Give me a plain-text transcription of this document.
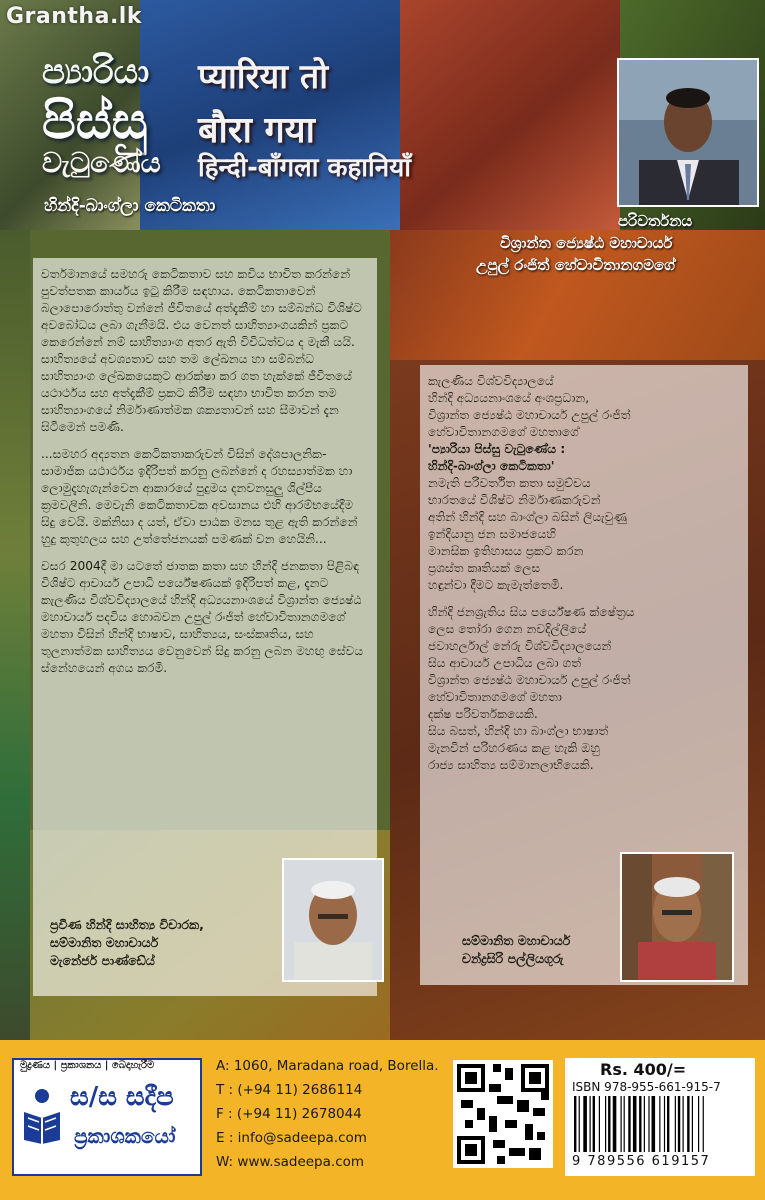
Grantha.lk
ප්‍යාරියා
පිස්සු
වැටුණේය
प्यारिया तो
बौरा गया
हिन्दी-बाँगला कहानियाँ
හින්දි-බාංග්ලා කෙටිකතා
පරිවර්තනය
විශ්‍රාන්ත ජ්‍යෙෂ්ඨ මහාචාර්ය
උපුල් රංජිත් හේවාවිතානගමගේ

වර්තමානයේ සමහරු කෙටිකතාව සහ කවිය භාවිත කරන්නේ පුවත්පතක කාර්යය ඉටු කිරීම සඳහාය. කෙටිකතාවෙන් බලාපොරොත්තු වන්නේ ජීවිතයේ අත්දැකීම් හා සම්බන්ධ විශිෂ්ට අවබෝධය ලබා ගැනීමයි. එය වෙනත් සාහිත්‍යාංගයකින් ප්‍රකට කෙරෙන්නේ නම් සාහිත්‍යාංග අතර ඇති විවිධත්වය ද මැකී යයි. සාහිත්‍යයේ අවශ්‍යතාව සහ තම ලේඛනය හා සම්බන්ධ සාහිත්‍යාංග ලේඛකයෙකුට ආරක්ෂා කර ගත හැක්කේ ජීවිතයේ යථාර්ථය සහ අත්දැකීම් ප්‍රකට කිරීම සඳහා භාවිත කරන තම සාහිත්‍යාංගයේ නිර්මාණාත්මක ශක්‍යතාවන් සහ සීමාවන් දැන සිටීමෙන් පමණි.

...සමහර අද්‍යතන කෙටිකතාකරුවන් විසින් දේශපාලනික-සාමාජික යථාර්ථය ඉදිරිපත් කරනු ලබන්නේ ද රහස්‍යාත්මක හා ලොමුදැහැගැන්වෙන ආකාරයේ පුදුමය දනවනසුලු ශිල්පීය ක්‍රමවලිනි. මෙවැනි කෙටිකතාවක අවසානය එහි ආරම්භයේදීම සිදු වෙයි. මක්නිසා ද යත්, ඒවා පාඨක මනස තුළ ඇති කරන්නේ හුදු කුතුහලය සහ උත්තේජනයක් පමණක් වන හෙයිනි...

වසර 2004දී මා යටතේ ජාතක කතා සහ හින්දි ජනකතා පිළිබඳ විශිෂ්ට ආචාර්ය උපාධි පර්යේෂණයක් ඉදිරිපත් කළ, දැනට කැලණිය විශ්වවිද්‍යාලයේ හින්දි අධ්‍යයනාංශයේ විශ්‍රාන්ත ජ්‍යෙෂ්ඨ මහාචාර්ය පදවිය හොබවන උපුල් රංජිත් හේවාවිතානගමගේ මහතා විසින් හින්දි භාෂාව, සාහිත්‍යය, සංස්කෘතිය, සහ තුලනාත්මක සාහිත්‍යය වෙනුවෙන් සිදු කරනු ලබන මහඟු සේවය ස්නේහයෙන් අගය කරමි.

ප්‍රවීණ හින්දි සාහිත්‍ය විචාරක,
සම්මානිත මහාචාර්ය
මැනේජර් පාණ්ඩේය්

කැලණිය විශ්වවිද්‍යාලයේ

හින්දි අධ්‍යයනාංශයේ අංශප්‍රධාන,

විශ්‍රාන්ත ජ්‍යෙෂ්ඨ මහාචාර්ය උපුල් රංජිත්

හේවාවිතානගමගේ මහතාගේ

'ප්‍යාරියා පිස්සු වැටුණේය :

හින්දි-බාංග්ලා කෙටිකතා'

නමැති පරිවර්තිත කතා සමුච්චය

භාරතයේ විශිෂ්ට නිර්මාණකරුවන්

අතින් හින්දි සහ බාංග්ලා බසින් ලියැවුණු

ඉන්දියානු ජන සමාජයෙහි

මානසික ඉතිහාසය ප්‍රකට කරන

ප්‍රශස්ත කෘතියක් ලෙස

හඳුන්වා දීමට කැමැත්තෙමි.

හින්දි ජනශ්‍රැතිය සිය පර්යේෂණ ක්ෂේත්‍රය

ලෙස තෝරා ගෙන නවදිල්ලියේ

ජවාහර්ලාල් නේරු විශ්වවිද්‍යාලයෙන්

සිය ආචාර්ය උපාධිය ලබා ගත්

විශ්‍රාන්ත ජ්‍යෙෂ්ඨ මහාචාර්ය උපුල් රංජිත්

හේවාවිතානගමගේ මහතා

දක්ෂ පරිවර්තකයෙකි.

සිය බසත්, හින්දි හා බාංග්ලා භාෂාත්

මැනවින් පරිහරණය කළ හැකි ඔහු

රාජ්‍ය සාහිත්‍ය සම්මානලාභියෙකි.

සම්මානිත මහාචාර්ය
චන්ද්‍රසිරි පල්ලියගුරු
මුද්‍රණය | ප්‍රකාශනය | බෙදාහැරීම
ස/ස සදීප
ප්‍රකාශකයෝ
A: 1060, Maradana road, Borella.
T : (+94 11) 2686114
F : (+94 11) 2678044
E : info@sadeepa.com
W: www.sadeepa.com
Rs. 400/=
ISBN 978-955-661-915-7
9 789556 619157
